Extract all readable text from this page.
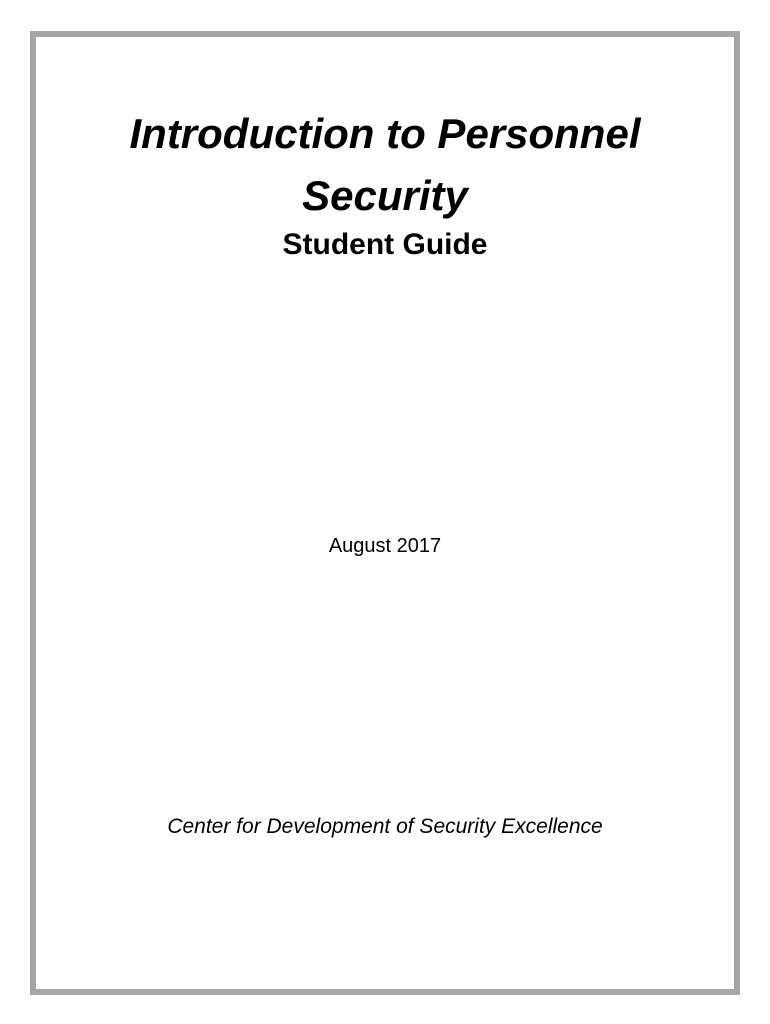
Introduction to Personnel
Security
Student Guide
August 2017
Center for Development of Security Excellence
